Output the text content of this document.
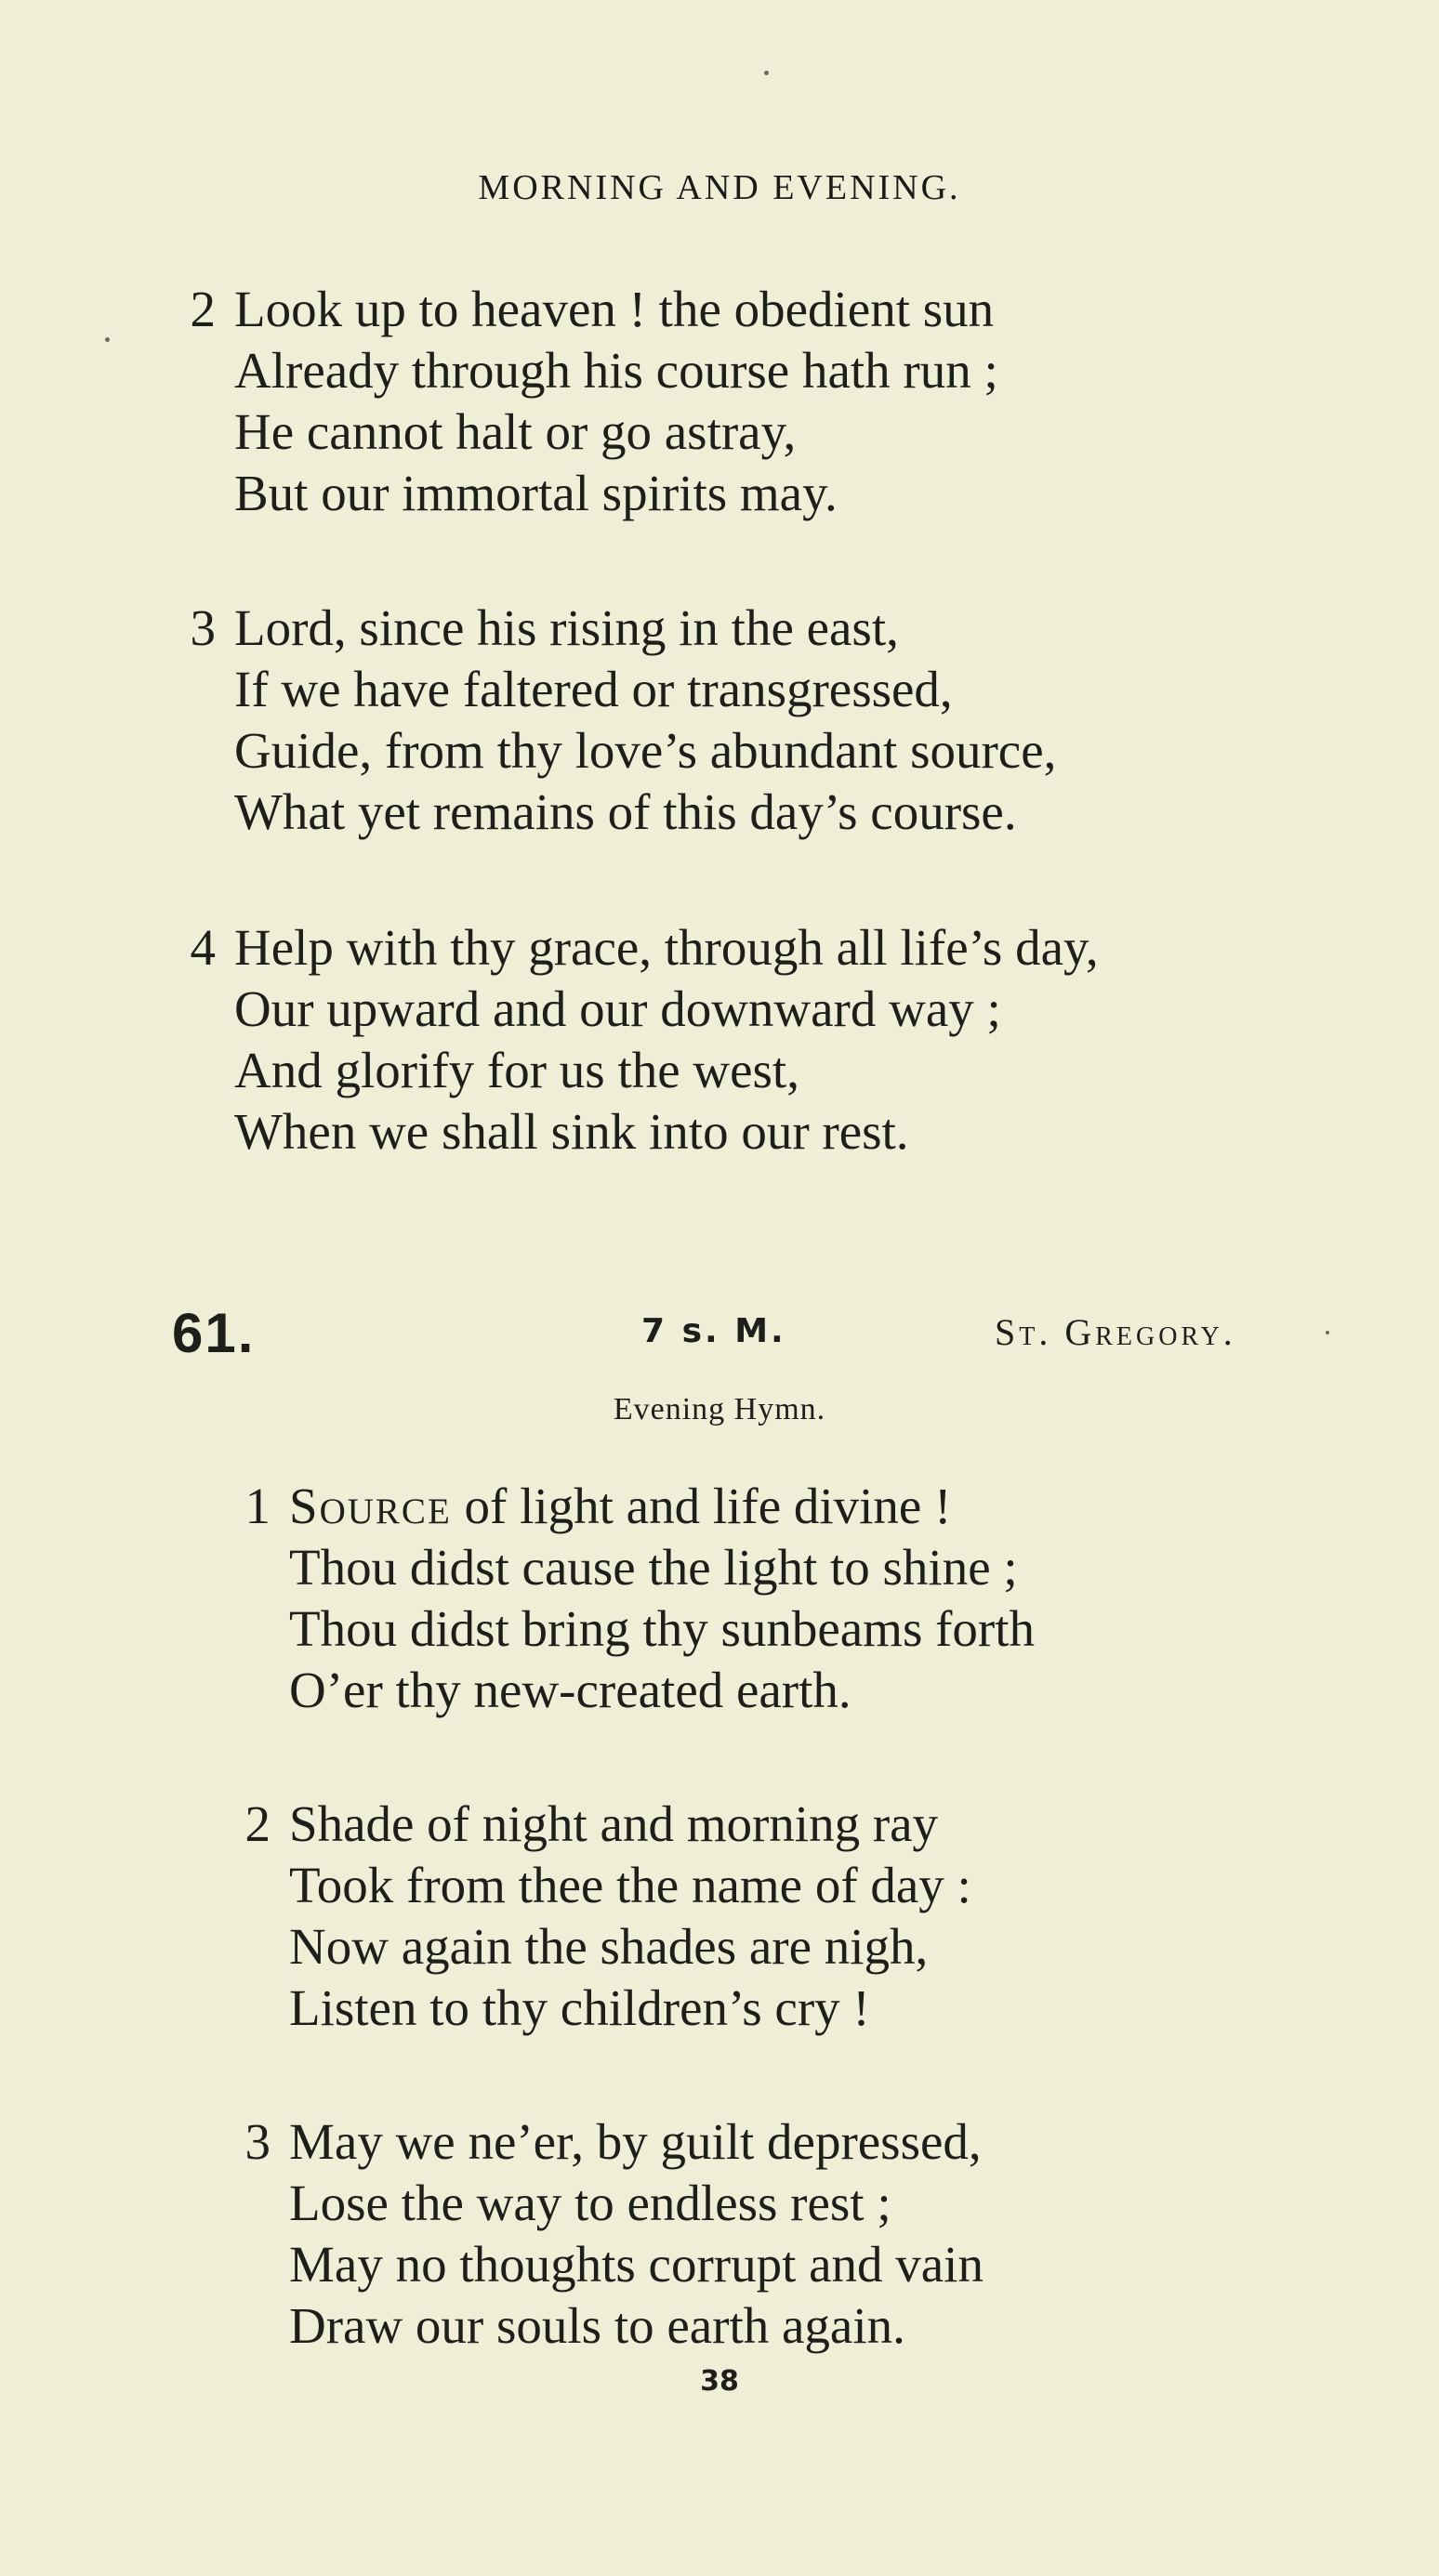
MORNING AND EVENING.
2 Look up to heaven ! the obedient sun
Already through his course hath run ;
He cannot halt or go astray,
But our immortal spirits may.
3 Lord, since his rising in the east,
If we have faltered or transgressed,
Guide, from thy love’s abundant source,
What yet remains of this day’s course.
4 Help with thy grace, through all life’s day,
Our upward and our downward way ;
And glorify for us the west,
When we shall sink into our rest.
61.	7 s. M.	St. Gregory.
Evening Hymn.
1 Source of light and life divine !
Thou didst cause the light to shine ;
Thou didst bring thy sunbeams forth
O’er thy new-created earth.
2 Shade of night and morning ray
Took from thee the name of day :
Now again the shades are nigh,
Listen to thy children’s cry !
3 May we ne’er, by guilt depressed,
Lose the way to endless rest ;
May no thoughts corrupt and vain
Draw our souls to earth again.
38
